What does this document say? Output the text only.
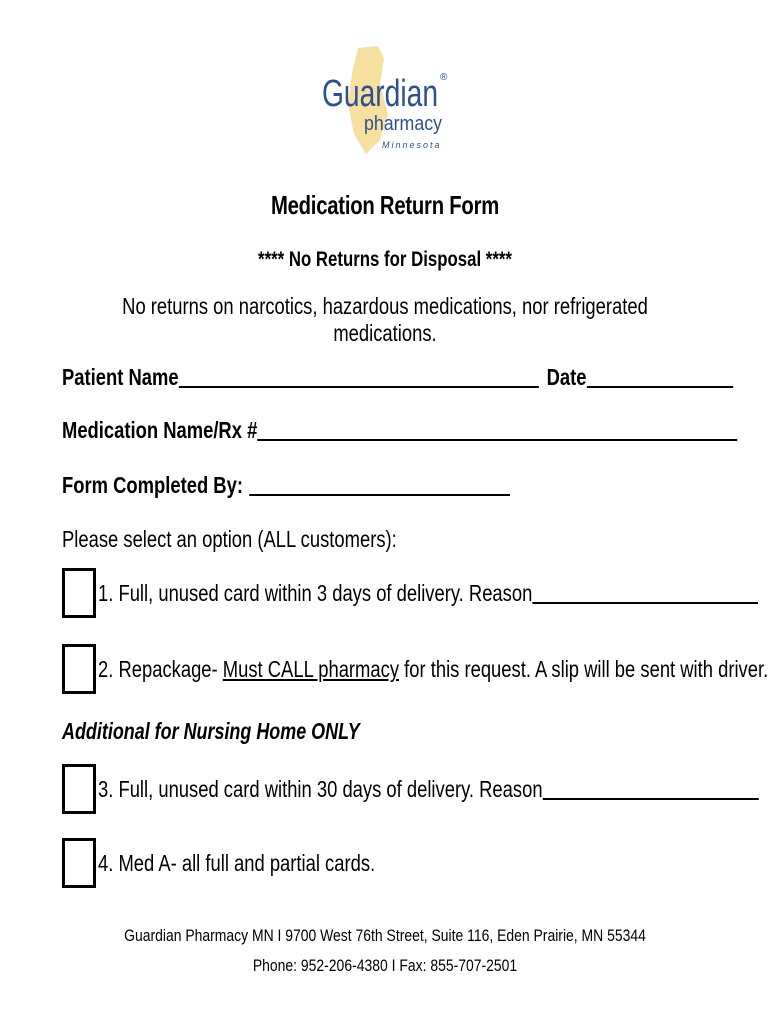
Guardian ®
pharmacy
Minnesota
Medication Return Form
**** No Returns for Disposal ****
No returns on narcotics, hazardous medications, nor refrigerated medications.
Patient Name	Date
Medication Name/Rx #
Form Completed By:
Please select an option (ALL customers):
1. Full, unused card within 3 days of delivery. Reason
2. Repackage- Must CALL pharmacy for this request. A slip will be sent with driver.
Additional for Nursing Home ONLY
3. Full, unused card within 30 days of delivery. Reason
4. Med A- all full and partial cards.
Guardian Pharmacy MN I 9700 West 76th Street, Suite 116, Eden Prairie, MN 55344
Phone: 952-206-4380 I Fax: 855-707-2501
